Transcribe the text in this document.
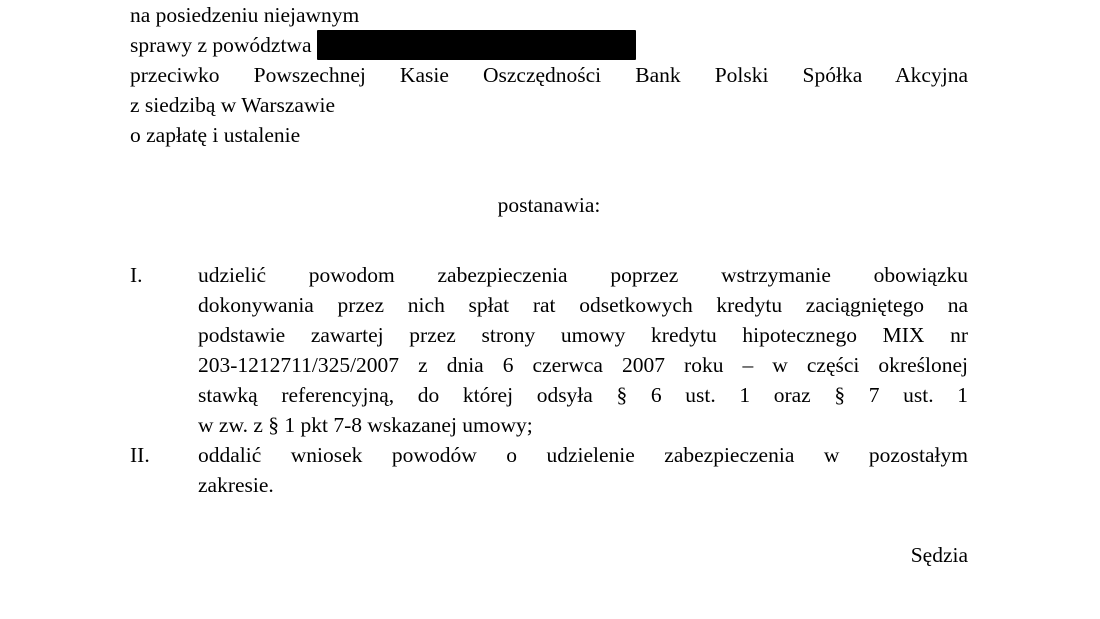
na posiedzeniu niejawnym
sprawy z powództwa Mariusza Gałązki i Wioletty Gałązki
przeciwko Powszechnej Kasie Oszczędności Bank Polski Spółka Akcyjna
z siedzibą w Warszawie
o zapłatę i ustalenie
postanawia:
I.	udzielić powodom zabezpieczenia poprzez wstrzymanie obowiązku
dokonywania przez nich spłat rat odsetkowych kredytu zaciągniętego na
podstawie zawartej przez strony umowy kredytu hipotecznego MIX nr
203-1212711/325/2007 z dnia 6 czerwca 2007 roku – w części określonej
stawką referencyjną, do której odsyła § 6 ust. 1 oraz § 7 ust. 1
w zw. z § 1 pkt 7-8 wskazanej umowy;
II.	oddalić wniosek powodów o udzielenie zabezpieczenia w pozostałym
zakresie.
Sędzia
